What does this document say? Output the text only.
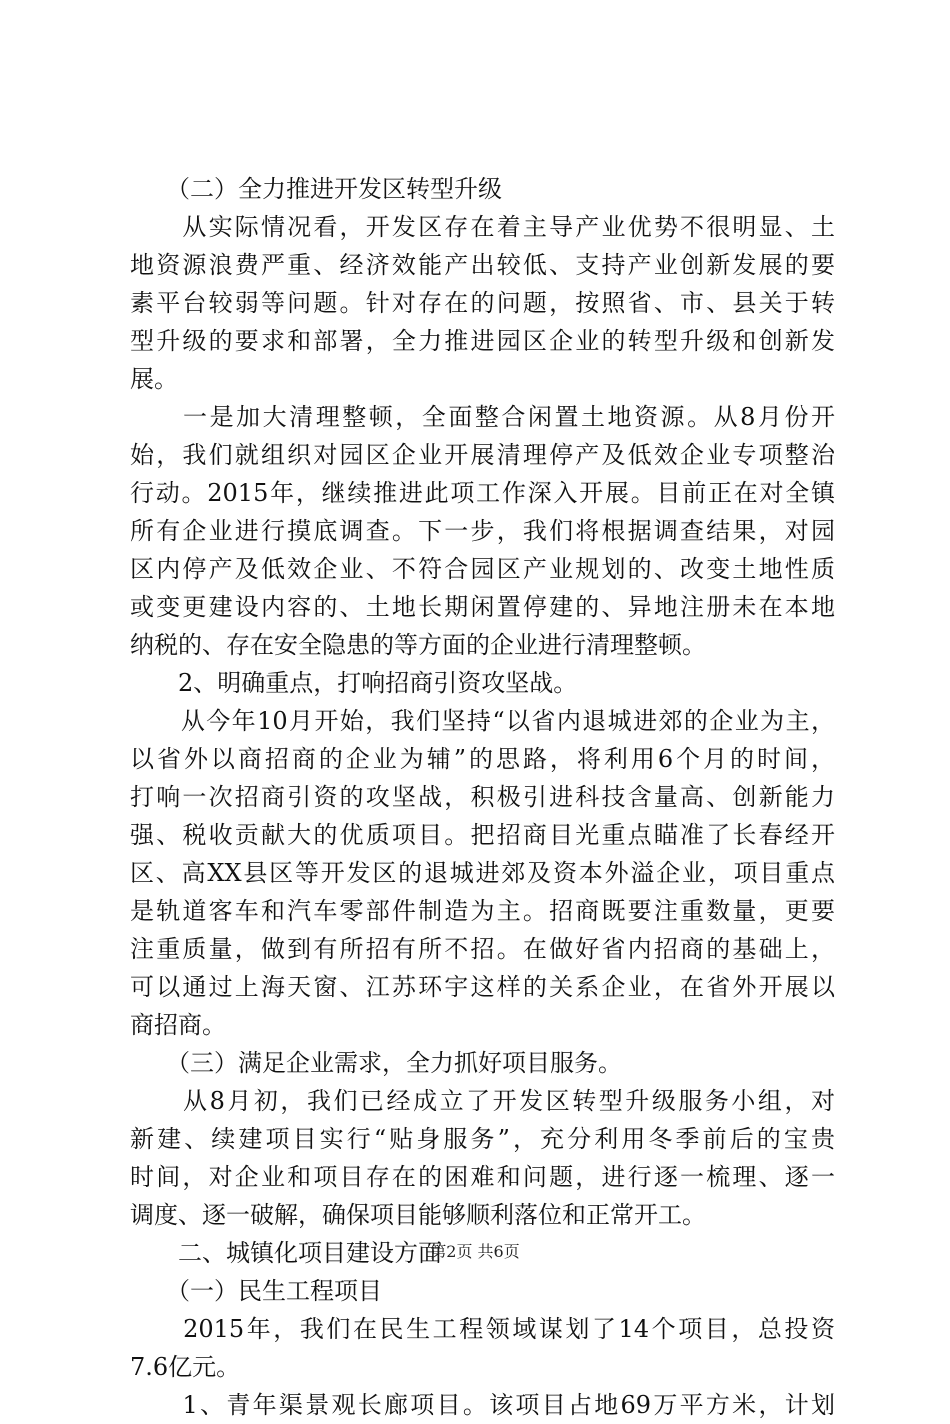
　　（二）全力推进开发区转型升级
　　从实际情况看，开发区存在着主导产业优势不很明显、土
地资源浪费严重、经济效能产出较低、支持产业创新发展的要
素平台较弱等问题。针对存在的问题，按照省、市、县关于转
型升级的要求和部署，全力推进园区企业的转型升级和创新发
展。
　　一是加大清理整顿，全面整合闲置土地资源。从8月份开
始，我们就组织对园区企业开展清理停产及低效企业专项整治
行动。2015年，继续推进此项工作深入开展。目前正在对全镇
所有企业进行摸底调查。下一步，我们将根据调查结果，对园
区内停产及低效企业、不符合园区产业规划的、改变土地性质
或变更建设内容的、土地长期闲置停建的、异地注册未在本地
纳税的、存在安全隐患的等方面的企业进行清理整顿。
　　2、明确重点，打响招商引资攻坚战。
　　从今年10月开始，我们坚持“以省内退城进郊的企业为主，
以省外以商招商的企业为辅”的思路，将利用6个月的时间，
打响一次招商引资的攻坚战，积极引进科技含量高、创新能力
强、税收贡献大的优质项目。把招商目光重点瞄准了长春经开
区、高XX县区等开发区的退城进郊及资本外溢企业，项目重点
是轨道客车和汽车零部件制造为主。招商既要注重数量，更要
注重质量，做到有所招有所不招。在做好省内招商的基础上，
可以通过上海天窗、江苏环宇这样的关系企业，在省外开展以
商招商。
　　（三）满足企业需求，全力抓好项目服务。
　　从8月初，我们已经成立了开发区转型升级服务小组，对
新建、续建项目实行“贴身服务”，充分利用冬季前后的宝贵
时间，对企业和项目存在的困难和问题，进行逐一梳理、逐一
调度、逐一破解，确保项目能够顺利落位和正常开工。
　　二、城镇化项目建设方面
　　（一）民生工程项目
　　2015年，我们在民生工程领域谋划了14个项目，总投资
7.6亿元。
　　1、青年渠景观长廊项目。该项目占地69万平方米，计划
第2页 共6页
